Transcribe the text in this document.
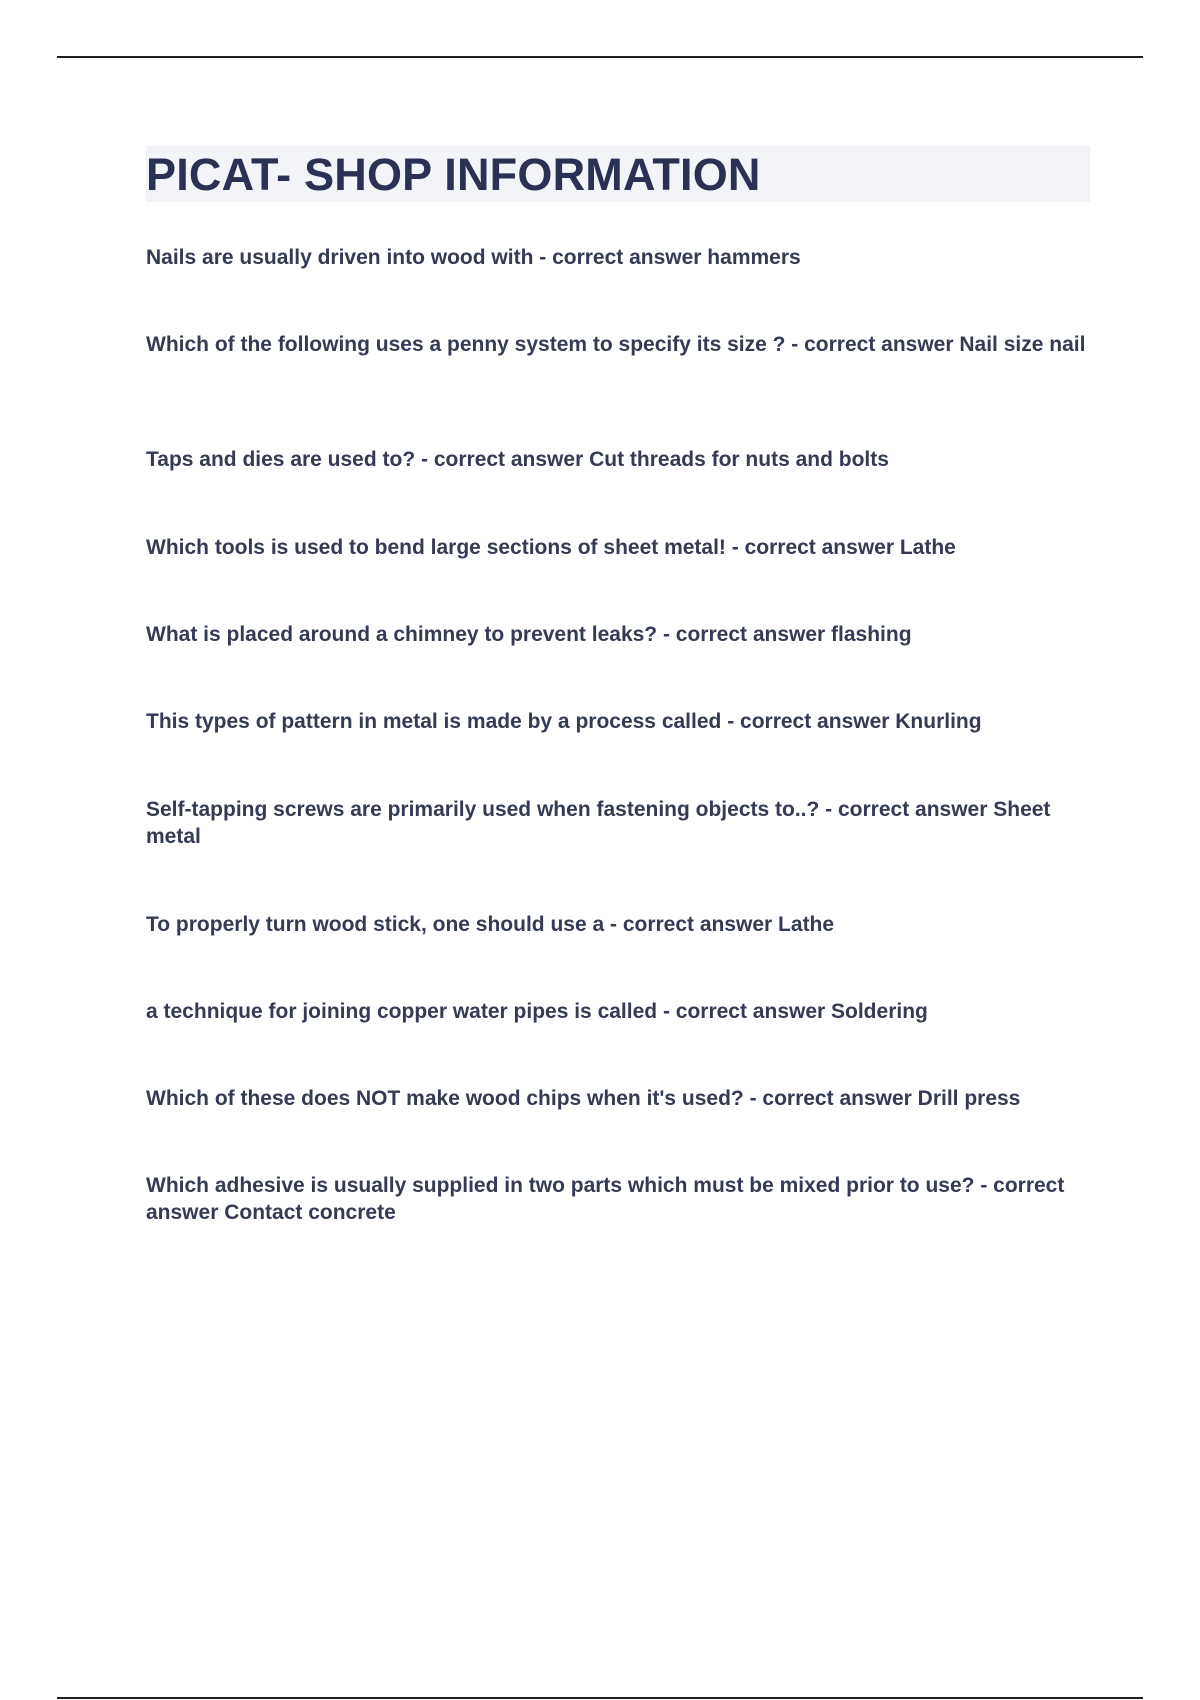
PICAT- SHOP INFORMATION
Nails are usually driven into wood with - correct answer hammers
Which of the following uses a penny system to specify its size ? - correct answer Nail size nail
Taps and dies are used to? - correct answer Cut threads for nuts and bolts
Which tools is used to bend large sections of sheet metal! - correct answer Lathe
What is placed around a chimney to prevent leaks? - correct answer flashing
This types of pattern in metal is made by a process called - correct answer Knurling
Self-tapping screws are primarily used when fastening objects to..? - correct answer Sheet metal
To properly turn wood stick, one should use a - correct answer Lathe
a technique for joining copper water pipes is called - correct answer Soldering
Which of these does NOT make wood chips when it's used? - correct answer Drill press
Which adhesive is usually supplied in two parts which must be mixed prior to use? - correct answer Contact concrete
